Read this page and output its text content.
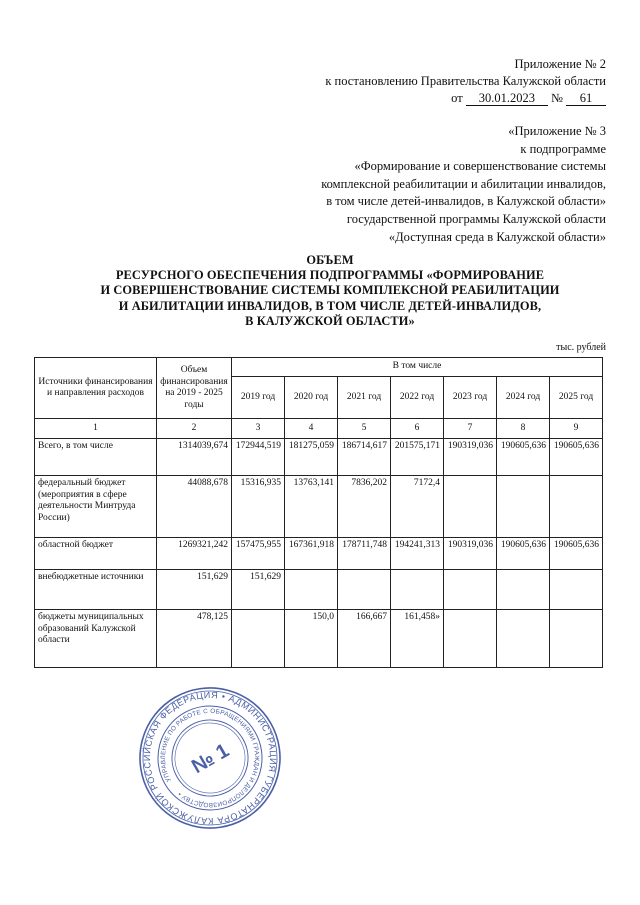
Приложение № 2
к постановлению Правительства Калужской области
от 30.01.2023 № 61
«Приложение № 3
к подпрограмме
«Формирование и совершенствование системы
комплексной реабилитации и абилитации инвалидов,
в том числе детей-инвалидов, в Калужской области»
государственной программы Калужской области
«Доступная среда в Калужской области»
ОБЪЕМ
РЕСУРСНОГО ОБЕСПЕЧЕНИЯ ПОДПРОГРАММЫ «ФОРМИРОВАНИЕ
И СОВЕРШЕНСТВОВАНИЕ СИСТЕМЫ КОМПЛЕКСНОЙ РЕАБИЛИТАЦИИ
И АБИЛИТАЦИИ ИНВАЛИДОВ, В ТОМ ЧИСЛЕ ДЕТЕЙ-ИНВАЛИДОВ,
В КАЛУЖСКОЙ ОБЛАСТИ»
тыс. рублей
Источники финансирования и направления расходов	Объем финансирования на 2019 - 2025 годы	В том числе						
		2019 год	2020 год	2021 год	2022 год	2023 год	2024 год	2025 год
1	2	3	4	5	6	7	8	9
Всего, в том числе	1314039,674	172944,519	181275,059	186714,617	201575,171	190319,036	190605,636	190605,636
федеральный бюджет (мероприятия в сфере деятельности Минтруда России)	44088,678	15316,935	13763,141	7836,202	7172,4			
областной бюджет	1269321,242	157475,955	167361,918	178711,748	194241,313	190319,036	190605,636	190605,636
внебюджетные источники	151,629	151,629						
бюджеты муниципальных образований Калужской области	478,125		150,0	166,667	161,458»			
РОССИЙСКАЯ ФЕДЕРАЦИЯ • АДМИНИСТРАЦИЯ ГУБЕРНАТОРА КАЛУЖСКОЙ
УПРАВЛЕНИЕ ПО РАБОТЕ С ОБРАЩЕНИЯМИ ГРАЖДАН И ДЕЛОПРОИЗВОДСТВУ •
№ 1
